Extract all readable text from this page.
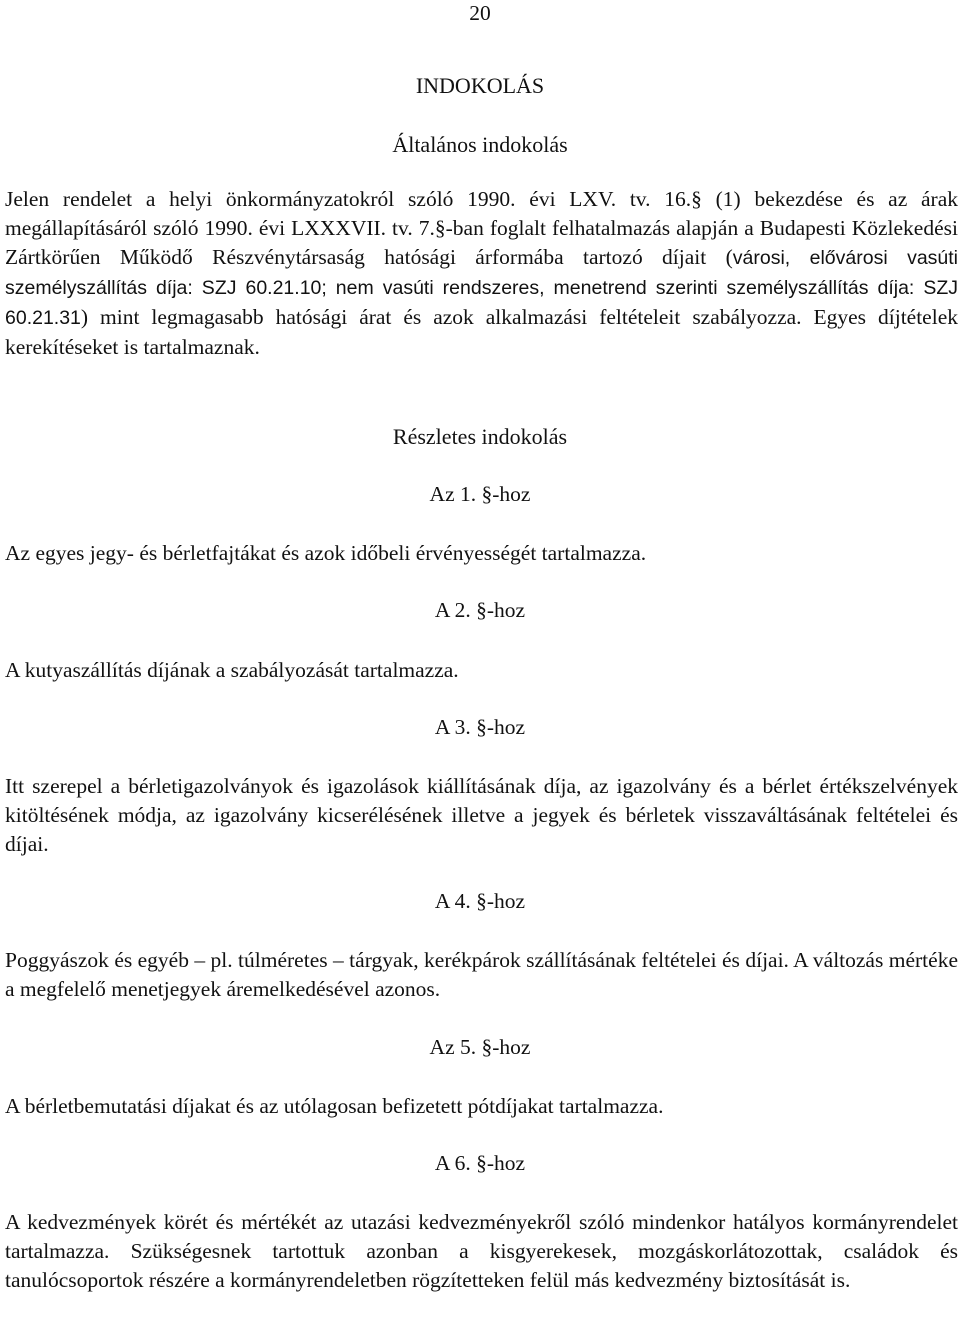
20
INDOKOLÁS
Általános indokolás

Jelen rendelet a helyi önkormányzatokról szóló 1990. évi LXV. tv. 16.§ (1) bekezdése és az árak megállapításáról szóló 1990. évi LXXXVII. tv. 7.§-ban foglalt felhatalmazás alapján a Budapesti Közlekedési Zártkörűen Működő Részvénytársaság hatósági árformába tartozó díjait (városi, elővárosi vasúti személyszállítás díja: SZJ 60.21.10; nem vasúti rendszeres, menetrend szerinti személyszállítás díja: SZJ 60.21.31) mint legmagasabb hatósági árat és azok alkalmazási feltételeit szabályozza. Egyes díjtételek kerekítéseket is tartalmaznak.

Részletes indokolás
Az 1. §-hoz

Az egyes jegy- és bérletfajtákat és azok időbeli érvényességét tartalmazza.

A 2. §-hoz

A kutyaszállítás díjának a szabályozását tartalmazza.

A 3. §-hoz

Itt szerepel a bérletigazolványok és igazolások kiállításának díja, az igazolvány és a bérlet értékszelvények kitöltésének módja, az igazolvány kicserélésének illetve a jegyek és bérletek visszaváltásának feltételei és díjai.

A 4. §-hoz

Poggyászok és egyéb – pl. túlméretes – tárgyak, kerékpárok szállításának feltételei és díjai. A változás mértéke a megfelelő menetjegyek áremelkedésével azonos.

Az 5. §-hoz

A bérletbemutatási díjakat és az utólagosan befizetett pótdíjakat tartalmazza.

A 6. §-hoz

A kedvezmények körét és mértékét az utazási kedvezményekről szóló mindenkor hatályos kormányrendelet tartalmazza. Szükségesnek tartottuk azonban a kisgyerekesek, mozgáskorlátozottak, családok és tanulócsoportok részére a kormányrendeletben rögzítetteken felül más kedvezmény biztosítását is.
